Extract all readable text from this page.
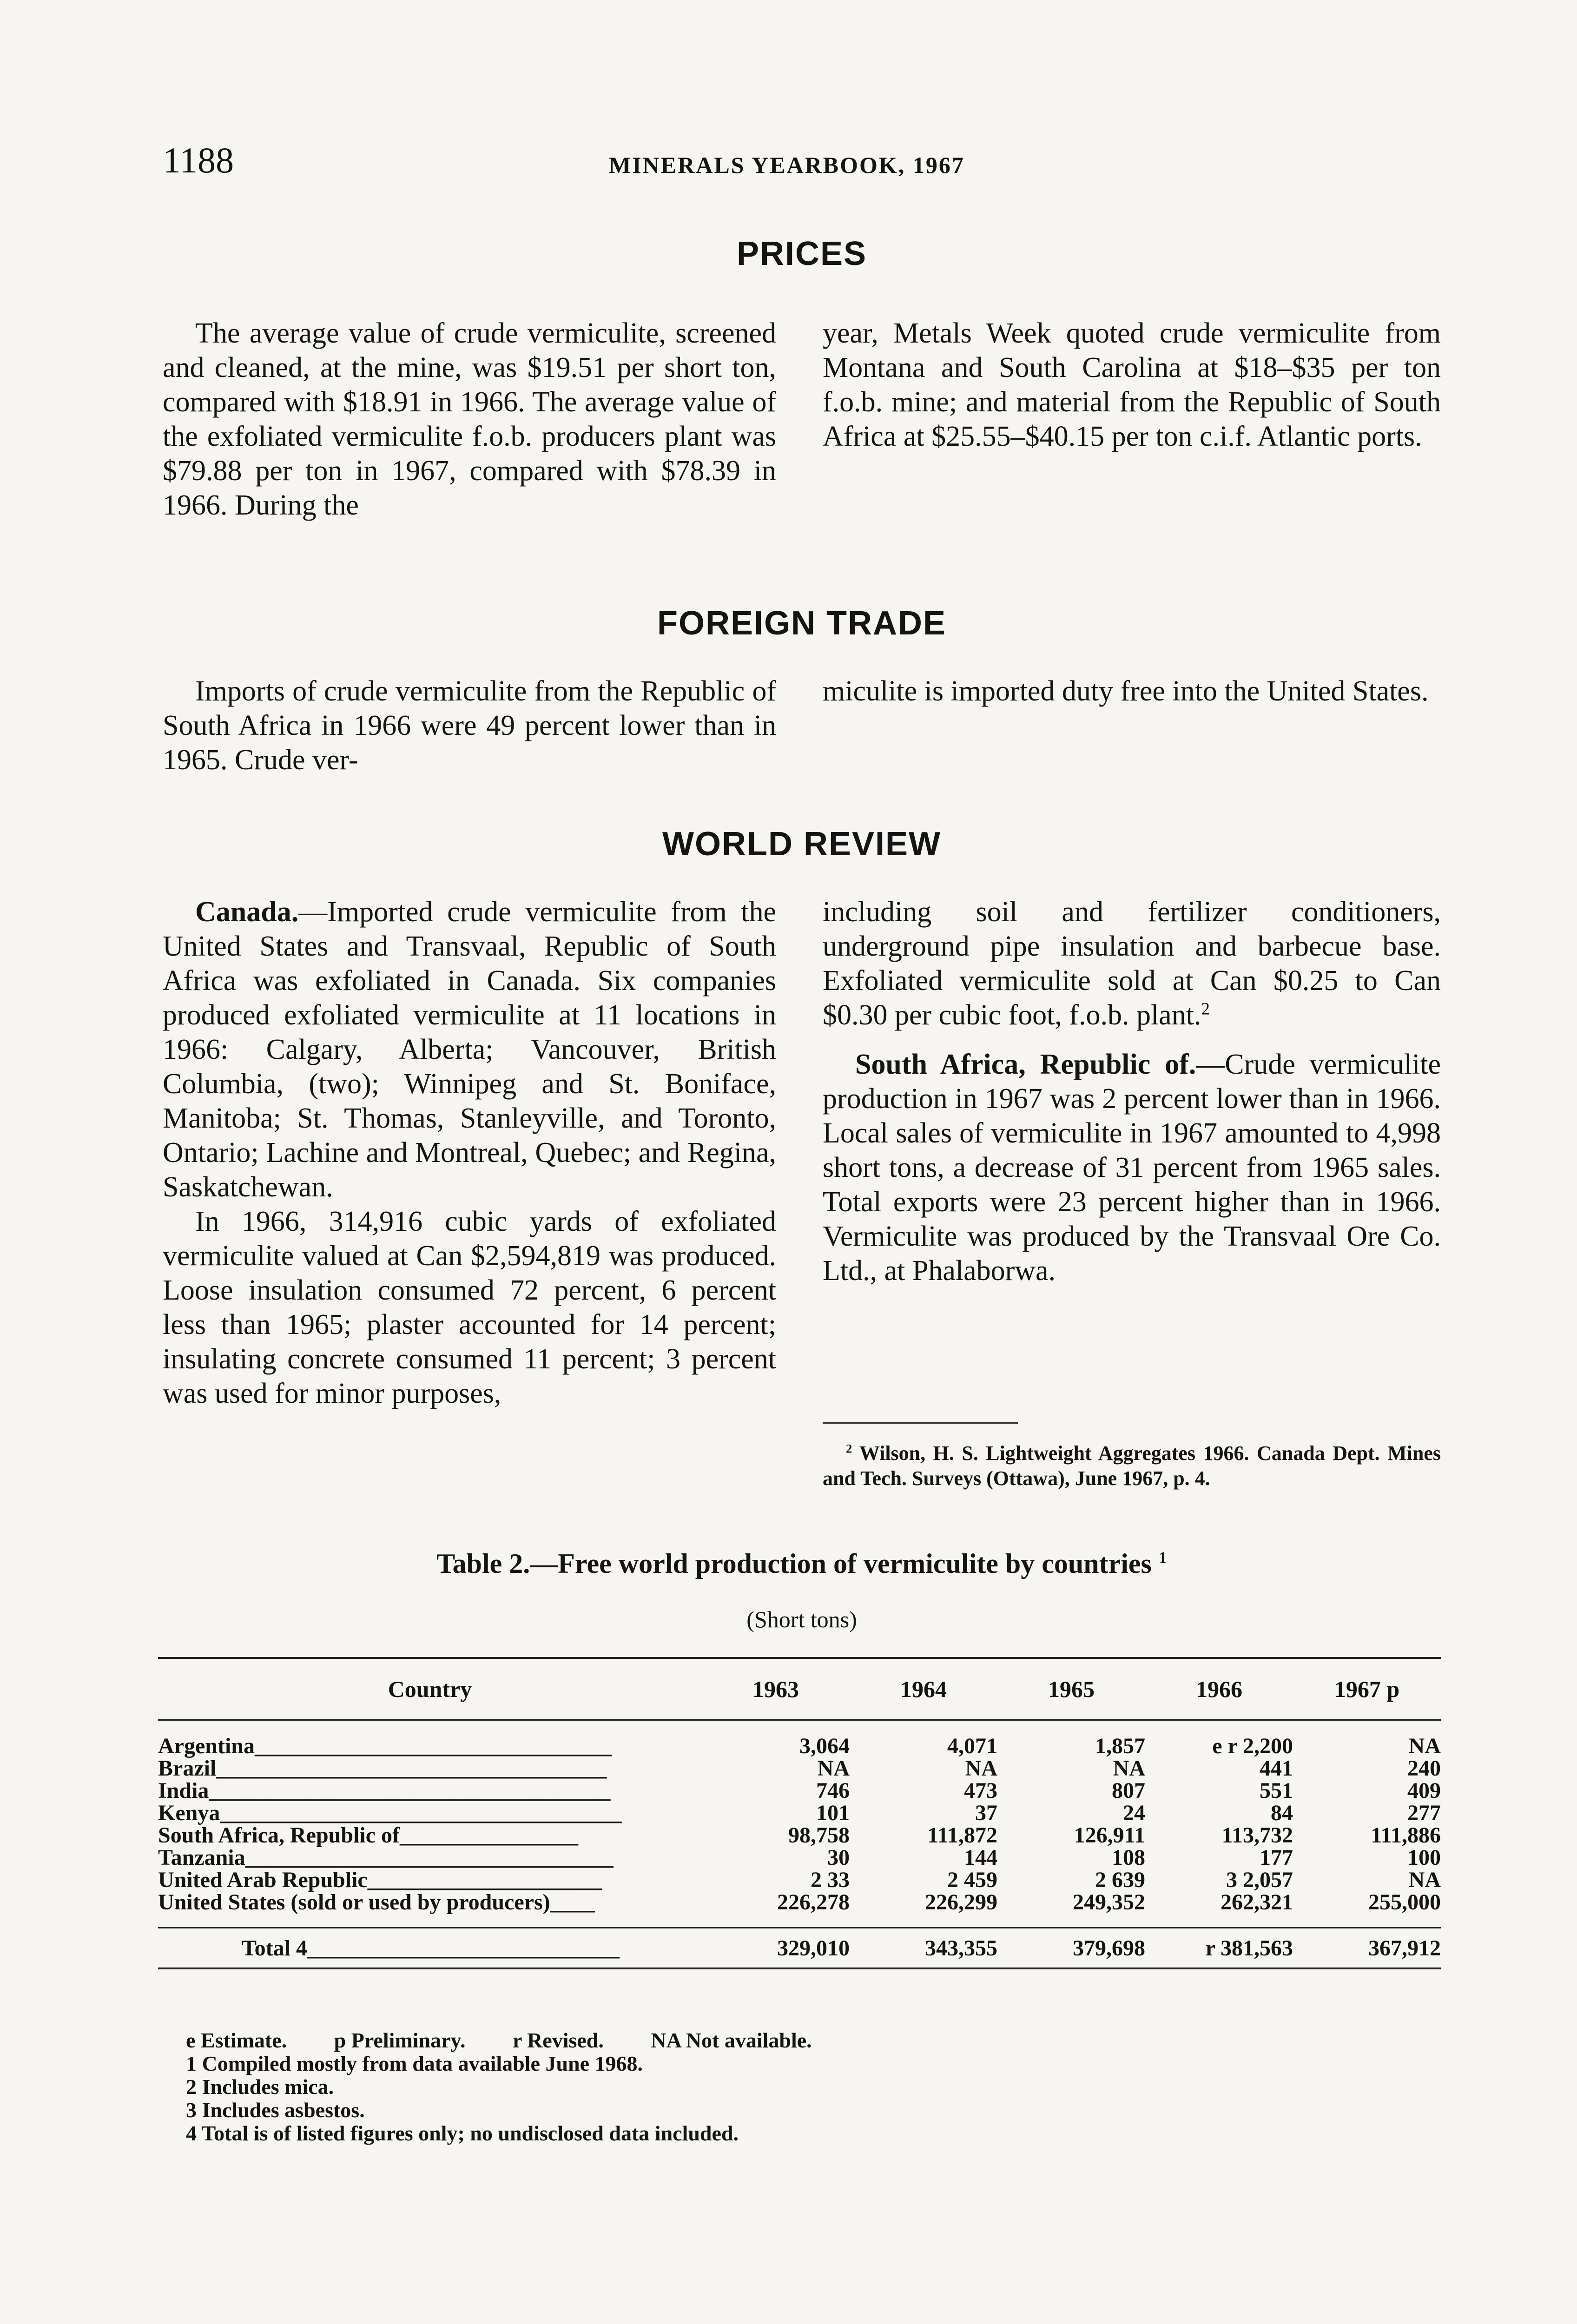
1188	MINERALS YEARBOOK, 1967
PRICES

The average value of crude vermiculite, screened and cleaned, at the mine, was $19.51 per short ton, compared with $18.91 in 1966. The average value of the exfoliated vermiculite f.o.b. producers plant was $79.88 per ton in 1967, compared with $78.39 in 1966. During the

year, Metals Week quoted crude vermiculite from Montana and South Carolina at $18–$35 per ton f.o.b. mine; and material from the Republic of South Africa at $25.55–$40.15 per ton c.i.f. Atlantic ports.

FOREIGN TRADE

Imports of crude vermiculite from the Republic of South Africa in 1966 were 49 percent lower than in 1965. Crude ver-

miculite is imported duty free into the United States.

WORLD REVIEW

Canada.—Imported crude vermiculite from the United States and Transvaal, Republic of South Africa was exfoliated in Canada. Six companies produced exfoliated vermiculite at 11 locations in 1966: Calgary, Alberta; Vancouver, British Columbia, (two); Winnipeg and St. Boniface, Manitoba; St. Thomas, Stanleyville, and Toronto, Ontario; Lachine and Montreal, Quebec; and Regina, Saskatchewan.

In 1966, 314,916 cubic yards of exfoliated vermiculite valued at Can $2,594,819 was produced. Loose insulation consumed 72 percent, 6 percent less than 1965; plaster accounted for 14 percent; insulating concrete consumed 11 percent; 3 percent was used for minor purposes,

including soil and fertilizer conditioners, underground pipe insulation and barbecue base. Exfoliated vermiculite sold at Can $0.25 to Can $0.30 per cubic foot, f.o.b. plant.$^2$

South Africa, Republic of.—Crude vermiculite production in 1967 was 2 percent lower than in 1966. Local sales of vermiculite in 1967 amounted to 4,998 short tons, a decrease of 31 percent from 1965 sales. Total exports were 23 percent higher than in 1966. Vermiculite was produced by the Transvaal Ore Co. Ltd., at Phalaborwa.

$^2$ Wilson, H. S. Lightweight Aggregates 1966. Canada Dept. Mines and Tech. Surveys (Ottawa), June 1967, p. 4.

Table 2.—Free world production of vermiculite by countries $^1$
(Short tons)
Country	1963	1964	1965	1966	1967 p
Argentina________________________________	3,064	4,071	1,857	e r 2,200	NA
Brazil___________________________________	NA	NA	NA	441	240
India____________________________________	746	473	807	551	409
Kenya____________________________________	101	37	24	84	277
South Africa, Republic of________________	98,758	111,872	126,911	113,732	111,886
Tanzania_________________________________	30	144	108	177	100
United Arab Republic_____________________	2 33	2 459	2 639	3 2,057	NA
United States (sold or used by producers)____	226,278	226,299	249,352	262,321	255,000
Total 4____________________________	329,010	343,355	379,698	r 381,563	367,912

e Estimate. p Preliminary. r Revised. NA Not available.

1 Compiled mostly from data available June 1968.

2 Includes mica.

3 Includes asbestos.

4 Total is of listed figures only; no undisclosed data included.
